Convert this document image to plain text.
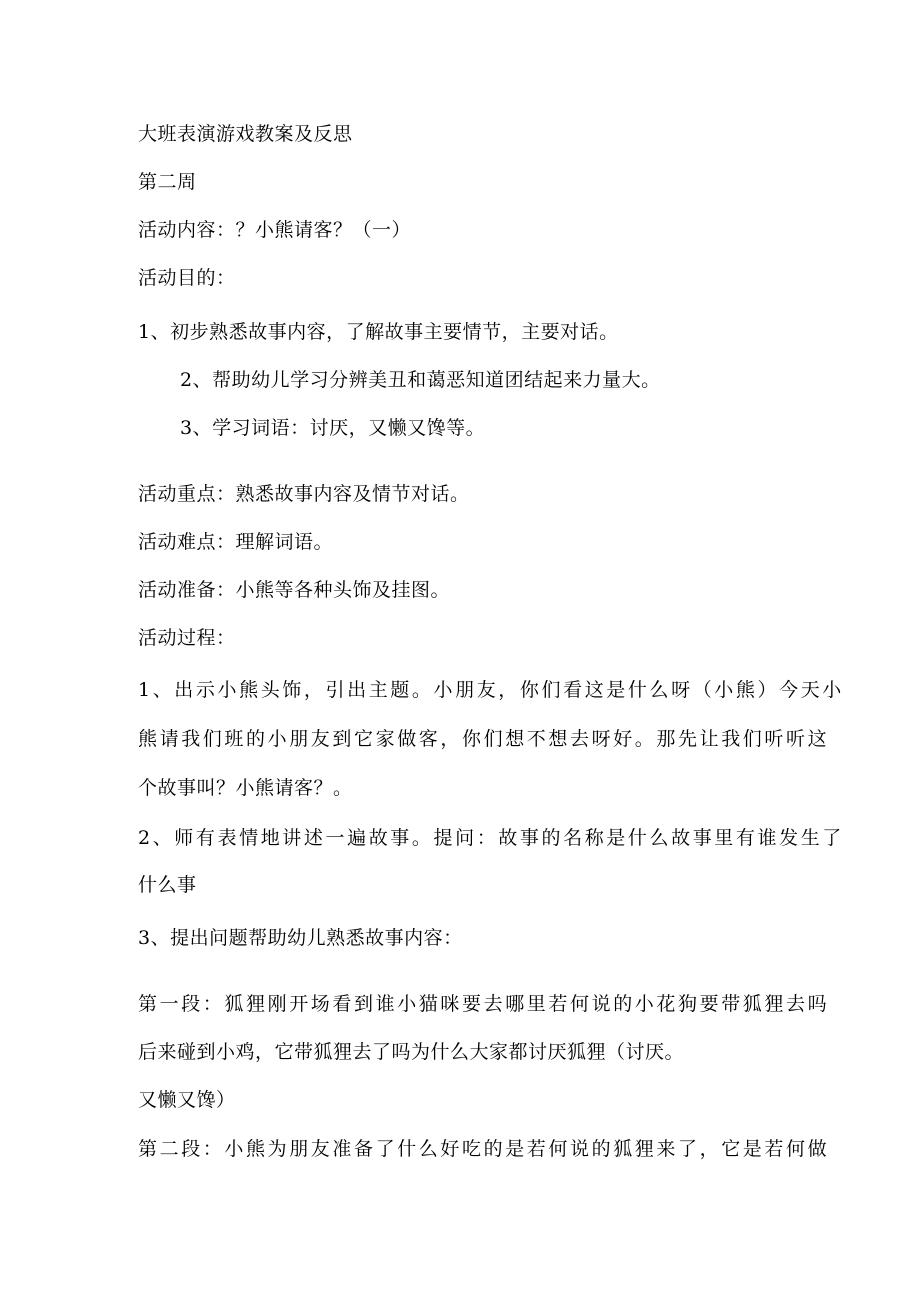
大班表演游戏教案及反思
第二周
活动内容：？小熊请客？（一）
活动目的：
1、初步熟悉故事内容，了解故事主要情节，主要对话。
2、帮助幼儿学习分辨美丑和蔼恶知道团结起来力量大。
3、学习词语：讨厌，又懒又馋等。
活动重点：熟悉故事内容及情节对话。
活动难点：理解词语。
活动准备：小熊等各种头饰及挂图。
活动过程：
1、出示小熊头饰，引出主题。小朋友，你们看这是什么呀（小熊）今天小
熊请我们班的小朋友到它家做客，你们想不想去呀好。那先让我们听听这
个故事叫？小熊请客？。
2、师有表情地讲述一遍故事。提问：故事的名称是什么故事里有谁发生了
什么事
3、提出问题帮助幼儿熟悉故事内容：
第一段：狐狸刚开场看到谁小猫咪要去哪里若何说的小花狗要带狐狸去吗
后来碰到小鸡，它带狐狸去了吗为什么大家都讨厌狐狸（讨厌。
又懒又馋）
第二段：小熊为朋友准备了什么好吃的是若何说的狐狸来了，它是若何做
